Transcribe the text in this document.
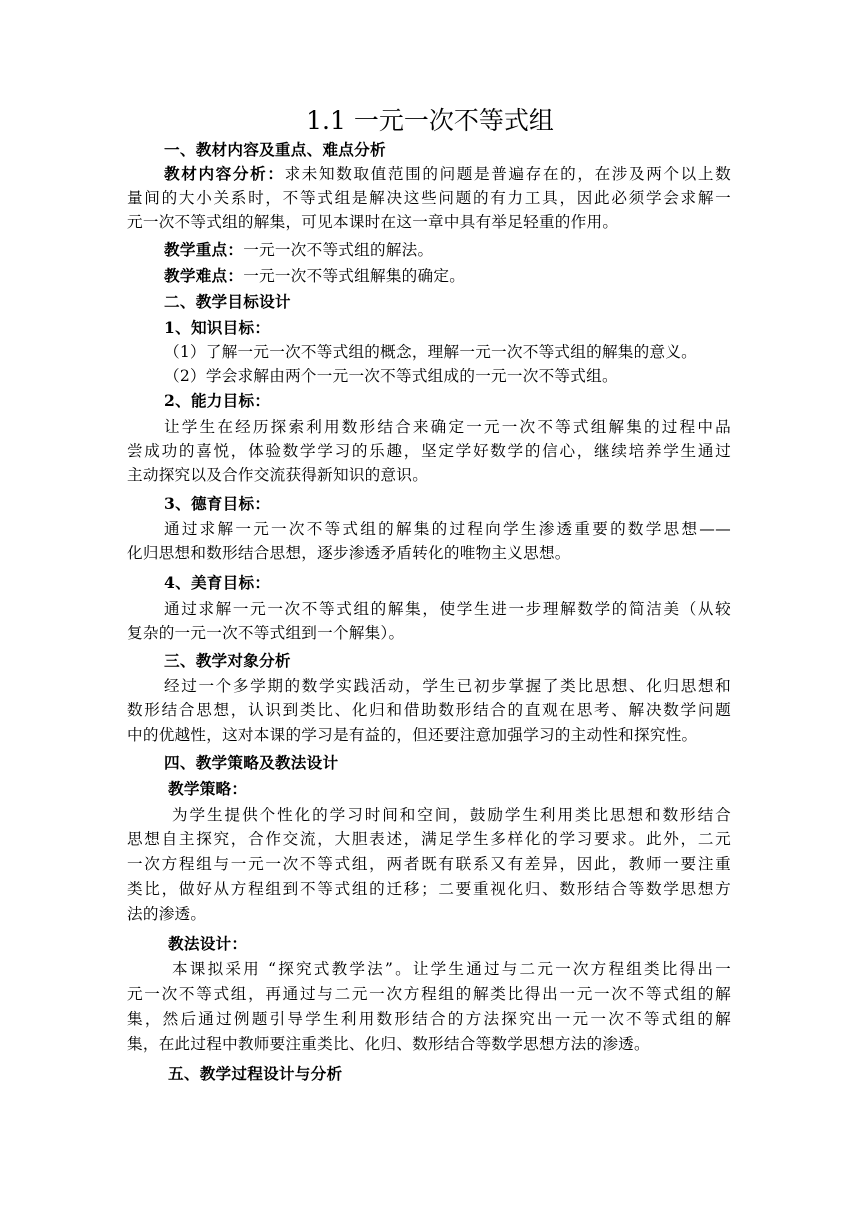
1.1 一元一次不等式组
一、教材内容及重点、难点分析
教材内容分析：求未知数取值范围的问题是普遍存在的，在涉及两个以上数
量间的大小关系时，不等式组是解决这些问题的有力工具，因此必须学会求解一
元一次不等式组的解集，可见本课时在这一章中具有举足轻重的作用。
教学重点：一元一次不等式组的解法。
教学难点：一元一次不等式组解集的确定。
二、教学目标设计
1、知识目标：
（1）了解一元一次不等式组的概念，理解一元一次不等式组的解集的意义。
（2）学会求解由两个一元一次不等式组成的一元一次不等式组。
2、能力目标：
让学生在经历探索利用数形结合来确定一元一次不等式组解集的过程中品
尝成功的喜悦，体验数学学习的乐趣，坚定学好数学的信心，继续培养学生通过
主动探究以及合作交流获得新知识的意识。
3、德育目标：
通过求解一元一次不等式组的解集的过程向学生渗透重要的数学思想——
化归思想和数形结合思想，逐步渗透矛盾转化的唯物主义思想。
4、美育目标：
通过求解一元一次不等式组的解集，使学生进一步理解数学的简洁美（从较
复杂的一元一次不等式组到一个解集）。
三、教学对象分析
经过一个多学期的数学实践活动，学生已初步掌握了类比思想、化归思想和
数形结合思想，认识到类比、化归和借助数形结合的直观在思考、解决数学问题
中的优越性，这对本课的学习是有益的，但还要注意加强学习的主动性和探究性。
四、教学策略及教法设计
教学策略：
为学生提供个性化的学习时间和空间，鼓励学生利用类比思想和数形结合
思想自主探究，合作交流，大胆表述，满足学生多样化的学习要求。此外，二元
一次方程组与一元一次不等式组，两者既有联系又有差异，因此，教师一要注重
类比，做好从方程组到不等式组的迁移；二要重视化归、数形结合等数学思想方
法的渗透。
教法设计：
本课拟采用 “探究式教学法”。让学生通过与二元一次方程组类比得出一
元一次不等式组，再通过与二元一次方程组的解类比得出一元一次不等式组的解
集，然后通过例题引导学生利用数形结合的方法探究出一元一次不等式组的解
集，在此过程中教师要注重类比、化归、数形结合等数学思想方法的渗透。
五、教学过程设计与分析
